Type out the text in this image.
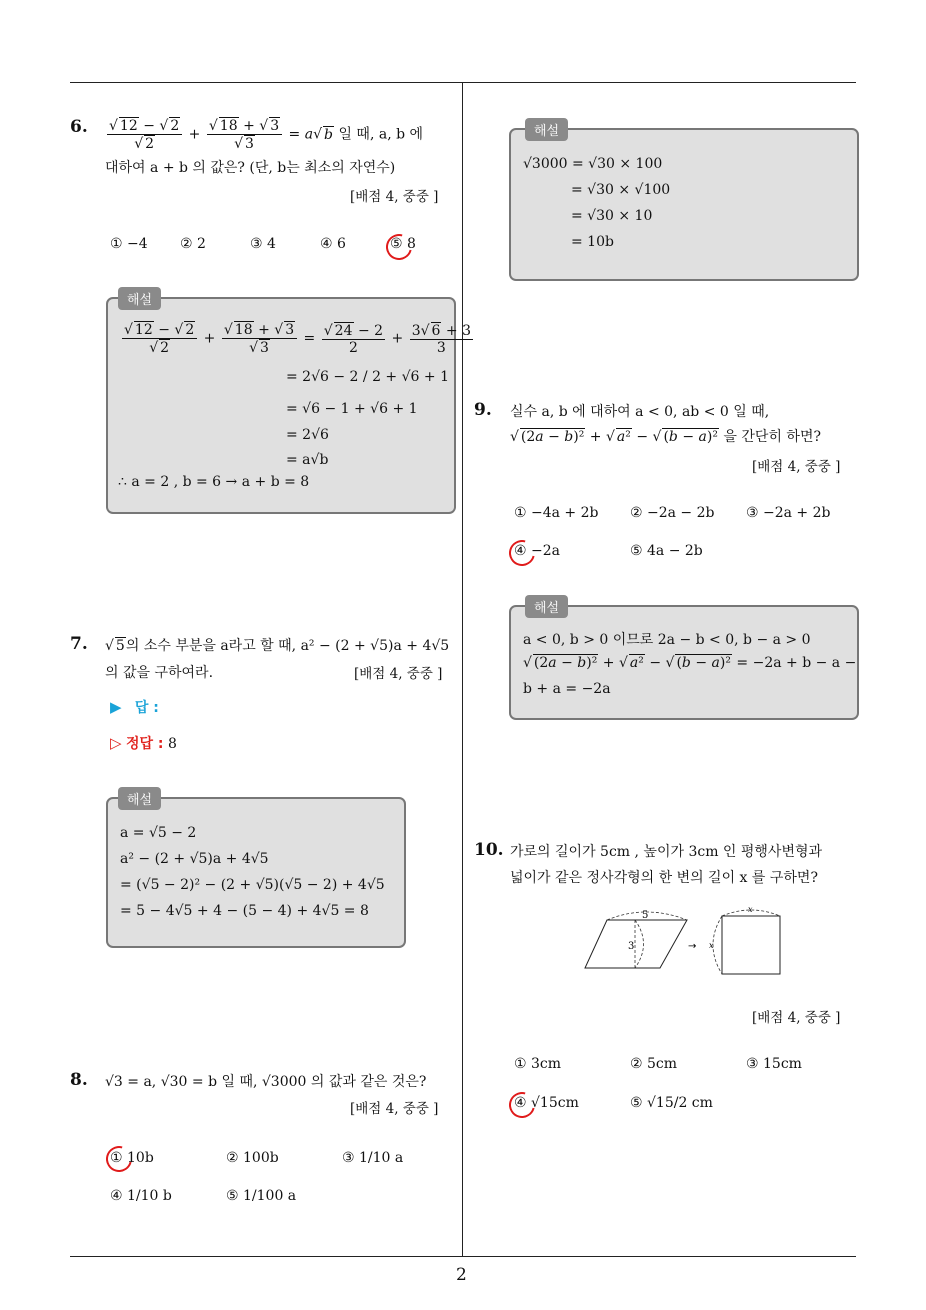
2
6. $\frac{√ 12 - √ 2}{√ 2} + \frac{√ 18 + √ 3}{√ 3} = a√$ b 일 때, a, b 에
대하여 a + b 의 값은? (단, b는 최소의 자연수)
[배점 4, 중중 ]
① −4 ② 2	③ 4	④ 6	⑤ 8
해설
$\frac{√ 12 - √ 2}{√ 2} + \frac{√ 18 + √ 3}{√ 3} = \frac{√ 24 - 2}{2} + \frac{3√ 6 + 3}{3}$
= 2√6 − 2 / 2 + √6 + 1
= √6 − 1 + √6 + 1
= 2√6
= a√b
∴ a = 2 , b = 6 → a + b = 8
7. √ 5의 소수 부분을 a라고 할 때, a² − (2 + √5)a + 4√5
의 값을 구하여라.	[배점 4, 중중 ]
▶ 답 :
▷ 정답 : 8
해설
a = √5 − 2
a² − (2 + √5)a + 4√5
= (√5 − 2)² − (2 + √5)(√5 − 2) + 4√5
= 5 − 4√5 + 4 − (5 − 4) + 4√5 = 8
8. √3 = a, √30 = b 일 때, √3000 의 값과 같은 것은?
[배점 4, 중중 ]
① 10b	② 100b	③ 1/10 a
④ 1/10 b	⑤ 1/100 a
해설
√3000 = √30 × 100
= √30 × √100
= √30 × 10
= 10b
9. 실수 a, b 에 대하여 a < 0, ab < 0 일 때,
√ (2a − b)² + √ a² − √ (b − a)² 을 간단히 하면?
[배점 4, 중중 ]
① −4a + 2b ② −2a − 2b ③ −2a + 2b
④ −2a	⑤ 4a − 2b
해설
a < 0, b > 0 이므로 2a − b < 0, b − a > 0
√ (2a − b)² + √ a² − √ (b − a)² = −2a + b − a −
b + a = −2a
10. 가로의 길이가 5cm , 높이가 3cm 인 평행사변형과
넓이가 같은 정사각형의 한 변의 길이 x 를 구하면?
5
3	→
x
x
[배점 4, 중중 ]
① 3cm	② 5cm	③ 15cm
④ √15cm	⑤ √15/2 cm
